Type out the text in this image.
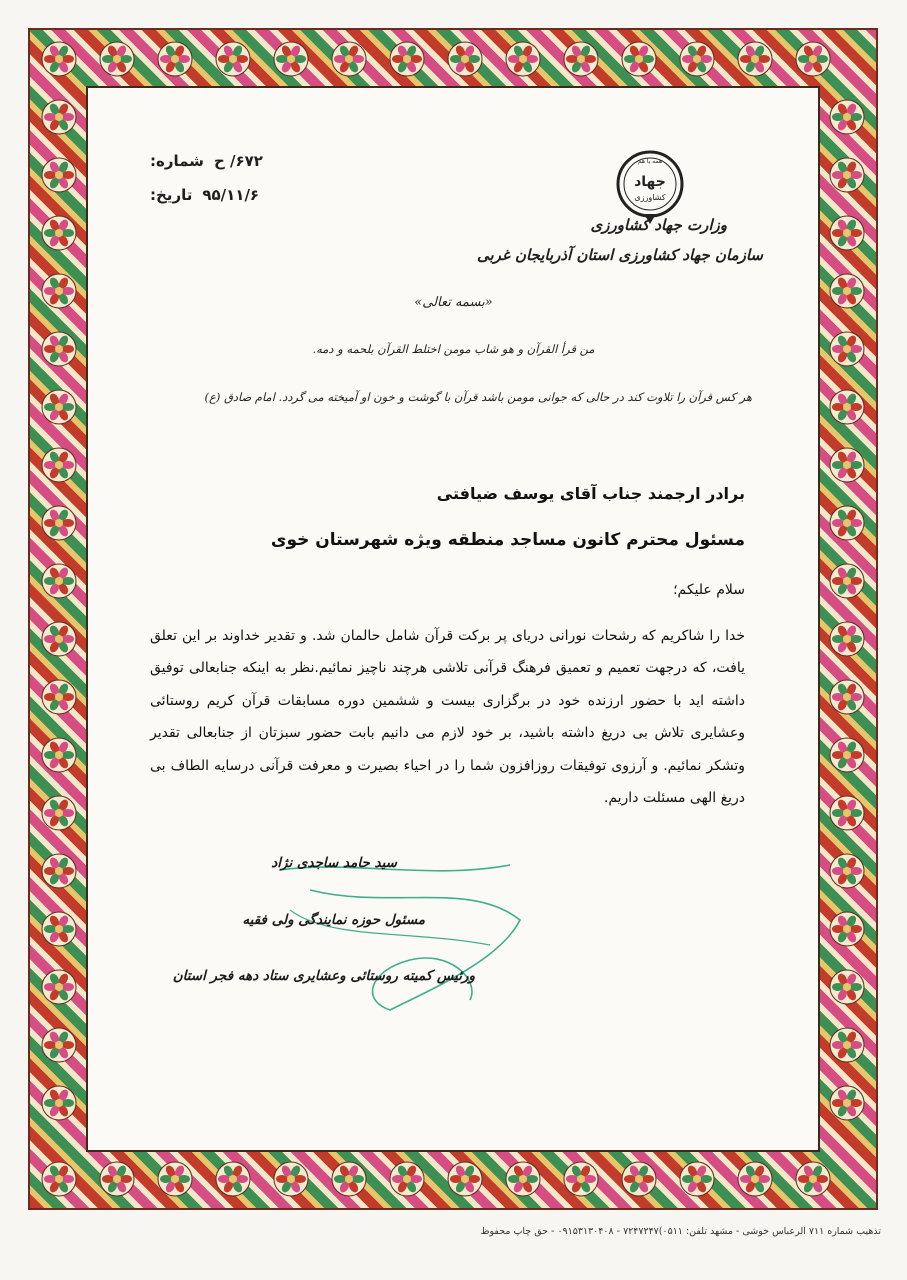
همه با هم
جهاد
کشاورزی
وزارت جهاد کشاورزی
سازمان جهاد کشاورزی استان آذربایجان غربی
شماره: ۶۷۲/ ح
تاریخ: ۹۵/۱۱/۶
«بسمه تعالی»
من قرأ القرآن و هو شاب مومن اختلط القرآن بلحمه و دمه.
هر کس قرآن را تلاوت کند در حالی که جوانی مومن باشد قرآن با گوشت و خون او آمیخته می گردد. امام صادق (ع)
برادر ارجمند جناب آقای یوسف ضیافتی
مسئول محترم کانون مساجد منطقه ویژه شهرستان خوی
سلام علیکم؛
خدا را شاکریم که رشحات نورانی دریای پر برکت قرآن شامل حالمان شد. و تقدیر خداوند بر این تعلق یافت، که درجهت تعمیم و تعمیق فرهنگ قرآنی تلاشی هرچند ناچیز نمائیم.نظر به اینکه جنابعالی توفیق داشته اید با حضور ارزنده خود در برگزاری بیست و ششمین دوره مسابقات قرآن کریم روستائی وعشایری تلاش بی دریغ داشته باشید، بر خود لازم می دانیم بابت حضور سبزتان از جنابعالی تقدیر وتشکر نمائیم. و آرزوی توفیقات روزافزون شما را در احیاء بصیرت و معرفت قرآنی درسایه الطاف بی دریغ الهی مسئلت داریم.
سید حامد ساجدی نژاد
مسئول حوزه نمایندگی ولی فقیه
ورئیس کمیته روستائی وعشایری ستاد دهه فجر استان
تذهیب شماره ۷۱۱ الرعباس خوشی - مشهد تلفن: ۰۵۱۱)۷۲۴۷۲۴۷ - ۰۹۱۵۳۱۳۰۴۰۸ - حق چاپ محفوظ
